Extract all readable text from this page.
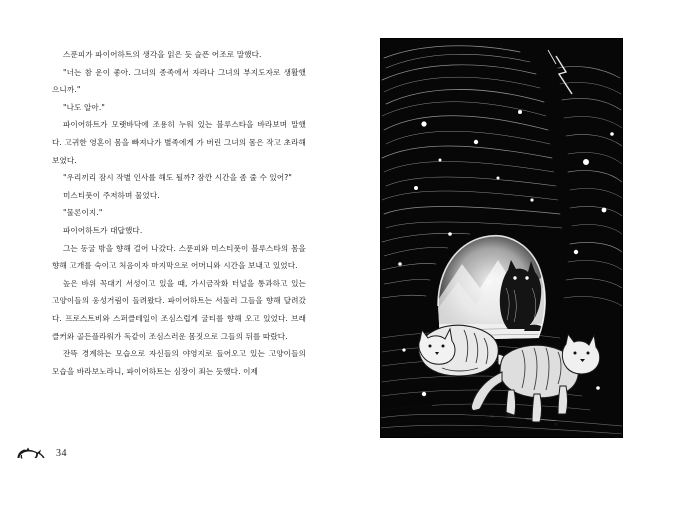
스푼피가 파이어하트의 생각을 읽은 듯 슬픈 어조로 말했다.

"너는 참 운이 좋아. 그녀의 종족에서 자라나 그녀의 부지도자로 생활했으니까."

"나도 알아."

파이어하트가 모랫바닥에 조용히 누워 있는 블루스타을 바라보며 말했다. 고귀한 영혼이 몸을 빠져나가 별족에게 가 버린 그녀의 몸은 작고 초라해 보였다.

"우리끼리 잠시 작별 인사를 해도 될까? 잠깐 시간을 좀 줄 수 있어?"

미스티풋이 주저하며 물었다.

"물론이지."

파이어하트가 대답했다.

그는 동굴 밖을 향해 걸어 나갔다. 스푼피와 미스티풋이 블루스타의 몸을 향해 고개를 숙이고 처음이자 마지막으로 어머니와 시간을 보내고 있었다.

높은 바위 꼭대기 서성이고 있을 때, 가시금작화 터널을 통과하고 있는 고양이들의 웅성거림이 들려왔다. 파이어하트는 서둘러 그들을 향해 달려갔다. 프로스트비와 스퍼클테일이 조심스럽게 굴티를 향해 오고 있었다. 브래클커와 골든플라워가 독같이 조심스러운 몸짓으로 그들의 뒤를 따랐다.

잔뜩 경계하는 모습으로 자신들의 야영지로 들어오고 있는 고양이들의 모습을 바라보노라니, 파이어하트는 심장이 죄는 듯했다. 이제

34
